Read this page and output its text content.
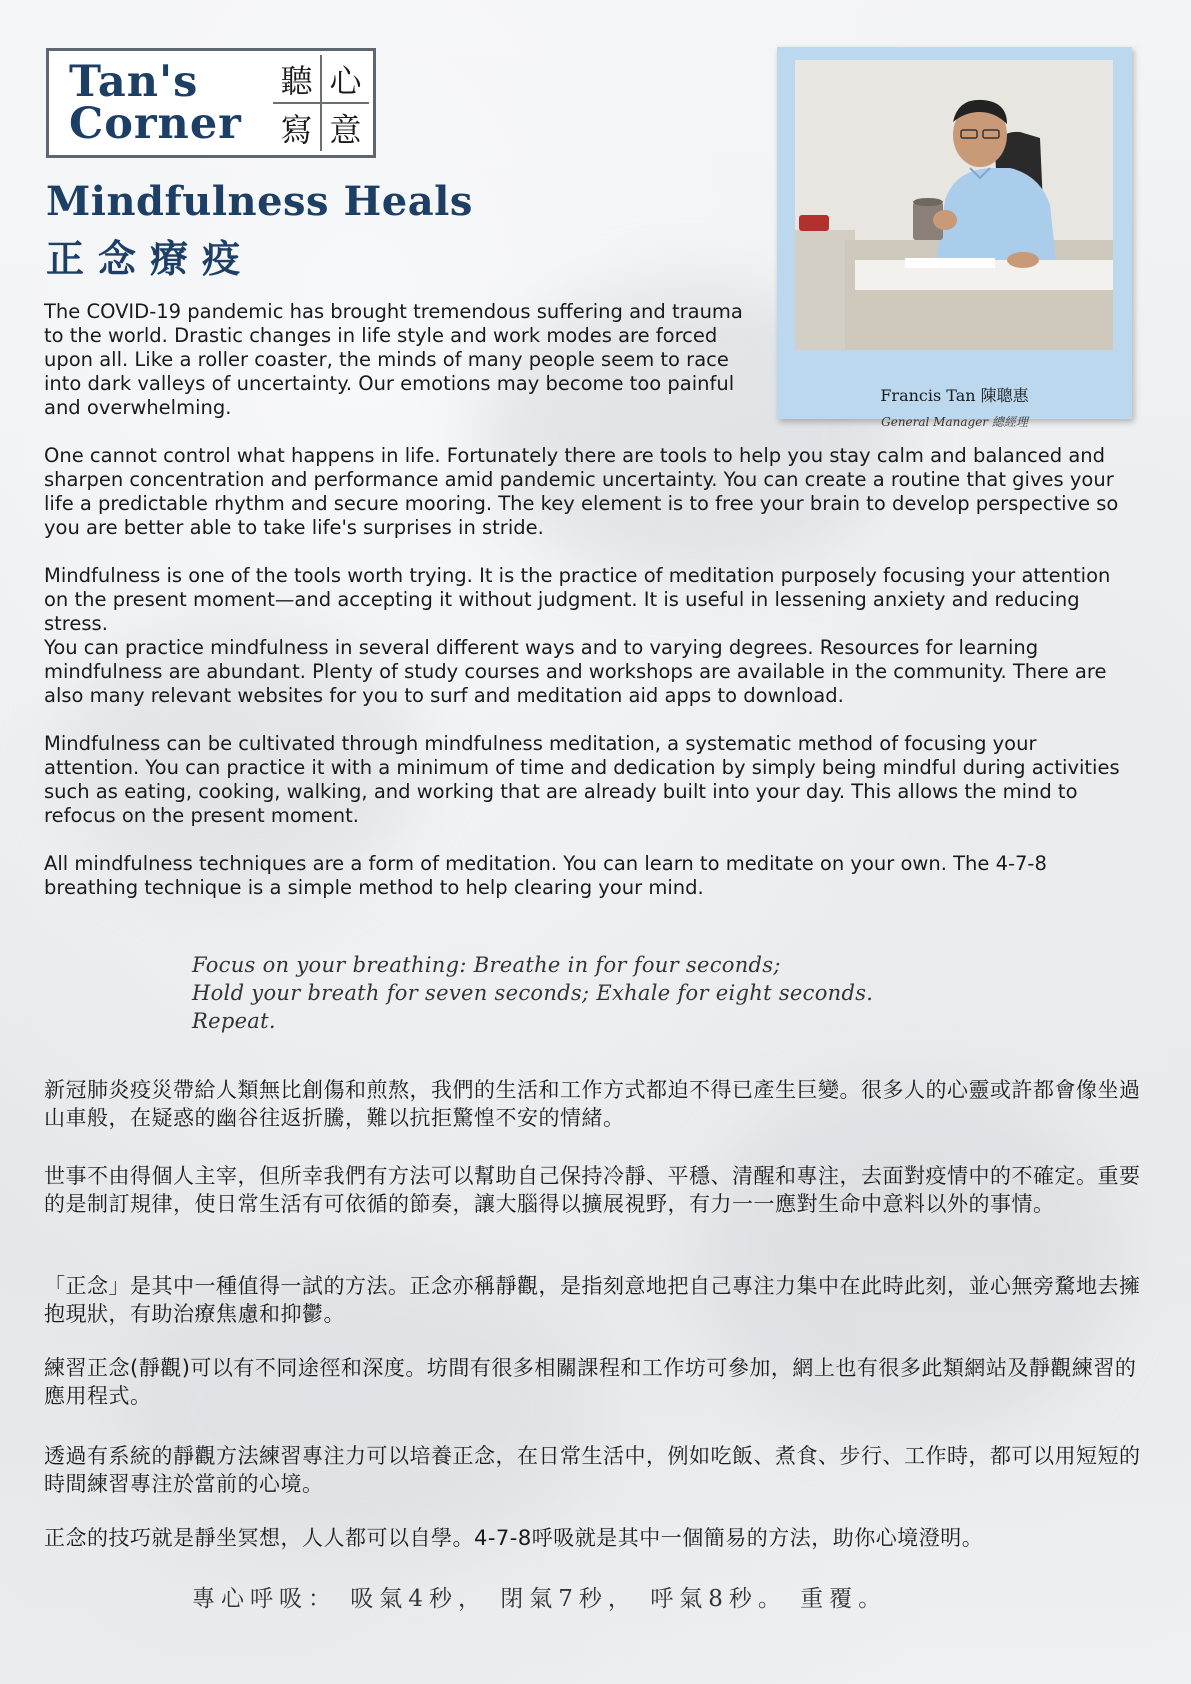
Tan's
Corner
聽 心
寫 意
Mindfulness Heals
正念療疫
Francis Tan 陳聰惠
General Manager 總經理

The COVID-19 pandemic has brought tremendous suffering and trauma to the world. Drastic changes in life style and work modes are forced upon all. Like a roller coaster, the minds of many people seem to race into dark valleys of uncertainty. Our emotions may become too painful and overwhelming.

One cannot control what happens in life. Fortunately there are tools to help you stay calm and balanced and sharpen concentration and performance amid pandemic uncertainty. You can create a routine that gives your life a predictable rhythm and secure mooring. The key element is to free your brain to develop perspective so you are better able to take life's surprises in stride.

Mindfulness is one of the tools worth trying. It is the practice of meditation purposely focusing your attention on the present moment—and accepting it without judgment. It is useful in lessening anxiety and reducing stress.

You can practice mindfulness in several different ways and to varying degrees. Resources for learning mindfulness are abundant. Plenty of study courses and workshops are available in the community. There are also many relevant websites for you to surf and meditation aid apps to download.

Mindfulness can be cultivated through mindfulness meditation, a systematic method of focusing your attention. You can practice it with a minimum of time and dedication by simply being mindful during activities such as eating, cooking, walking, and working that are already built into your day. This allows the mind to refocus on the present moment.

All mindfulness techniques are a form of meditation. You can learn to meditate on your own. The 4-7-8 breathing technique is a simple method to help clearing your mind.

Focus on your breathing: Breathe in for four seconds;
Hold your breath for seven seconds; Exhale for eight seconds.
Repeat.

新冠肺炎疫災帶給人類無比創傷和煎熬，我們的生活和工作方式都迫不得已產生巨變。很多人的心靈或許都會像坐過山車般，在疑惑的幽谷往返折騰，難以抗拒驚惶不安的情緒。

世事不由得個人主宰，但所幸我們有方法可以幫助自己保持冷靜、平穩、清醒和專注，去面對疫情中的不確定。重要的是制訂規律，使日常生活有可依循的節奏，讓大腦得以擴展視野，有力一一應對生命中意料以外的事情。

「正念」是其中一種值得一試的方法。正念亦稱靜觀，是指刻意地把自己專注力集中在此時此刻，並心無旁騖地去擁抱現狀，有助治療焦慮和抑鬱。

練習正念(靜觀)可以有不同途徑和深度。坊間有很多相關課程和工作坊可參加，網上也有很多此類網站及靜觀練習的應用程式。

透過有系統的靜觀方法練習專注力可以培養正念，在日常生活中，例如吃飯、煮食、步行、工作時，都可以用短短的時間練習專注於當前的心境。

正念的技巧就是靜坐冥想，人人都可以自學。4-7-8呼吸就是其中一個簡易的方法，助你心境澄明。

專心呼吸： 吸氣4秒， 閉氣7秒， 呼氣8秒。 重覆。
